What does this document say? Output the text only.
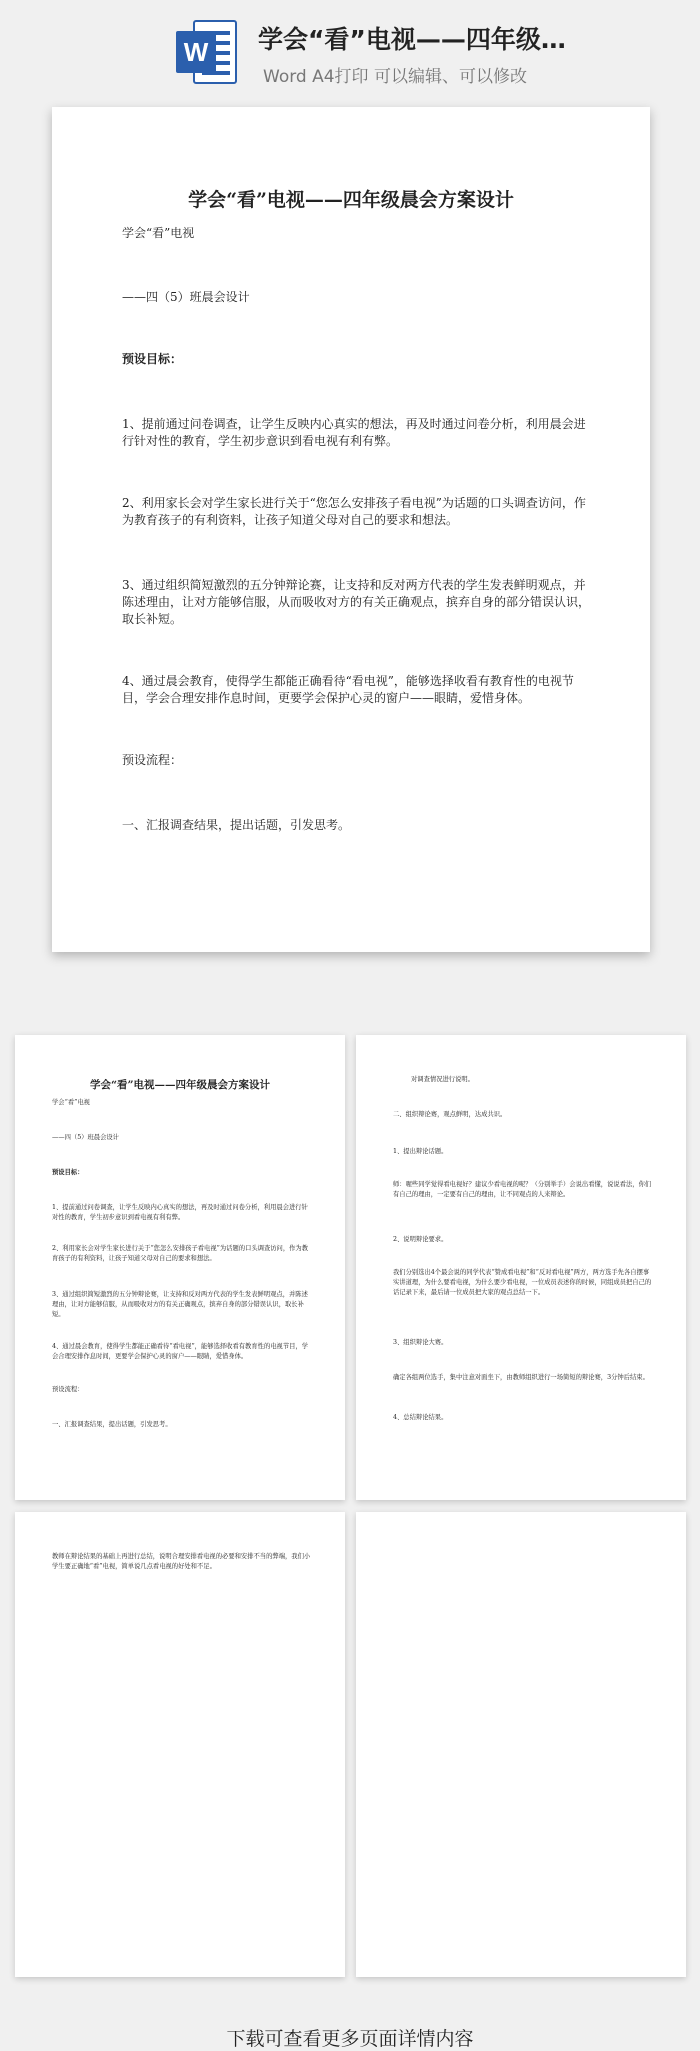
W 学会“看”电视——四年级…
Word A4打印 可以编辑、可以修改
学会“看”电视——四年级晨会方案设计

学会“看”电视

——四（5）班晨会设计

预设目标：

1、提前通过问卷调查，让学生反映内心真实的想法，再及时通过问卷分析，利用晨会进行针对性的教育，学生初步意识到看电视有利有弊。

2、利用家长会对学生家长进行关于“您怎么安排孩子看电视”为话题的口头调查访问，作为教育孩子的有利资料，让孩子知道父母对自己的要求和想法。

3、通过组织简短激烈的五分钟辩论赛，让支持和反对两方代表的学生发表鲜明观点，并陈述理由，让对方能够信服，从而吸收对方的有关正确观点，摈弃自身的部分错误认识，取长补短。

4、通过晨会教育，使得学生都能正确看待“看电视”，能够选择收看有教育性的电视节目，学会合理安排作息时间，更要学会保护心灵的窗户——眼睛，爱惜身体。

预设流程：

一、汇报调查结果，提出话题，引发思考。

学会“看”电视——四年级晨会方案设计

学会“看”电视

——四（5）班晨会设计

预设目标：

1、提前通过问卷调查，让学生反映内心真实的想法，再及时通过问卷分析，利用晨会进行针对性的教育，学生初步意识到看电视有利有弊。

2、利用家长会对学生家长进行关于“您怎么安排孩子看电视”为话题的口头调查访问，作为教育孩子的有利资料，让孩子知道父母对自己的要求和想法。

3、通过组织简短激烈的五分钟辩论赛，让支持和反对两方代表的学生发表鲜明观点，并陈述理由，让对方能够信服，从而吸收对方的有关正确观点，摈弃自身的部分错误认识，取长补短。

4、通过晨会教育，使得学生都能正确看待“看电视”，能够选择收看有教育性的电视节目，学会合理安排作息时间，更要学会保护心灵的窗户——眼睛，爱惜身体。

预设流程：

一、汇报调查结果，提出话题，引发思考。

对调查情况进行说明。

二、组织辩论赛，观点鲜明，达成共识。

1、提出辩论话题。

师：喔些同学觉得看电视好？建议少看电视的呢？（分别举手）会说出看懂，说说看法，你们有自己的理由，一定要有自己的理由，让不同观点的人来辩论。

2、说明辩论要求。

我们分别选出4个最会说的同学代表“赞成看电视”和“反对看电视”两方，两方选手先各自摆事实讲道理，为什么要看电视，为什么要少看电视，一位成员表述你的时候，同组成员把自己的话记录下来，最后请一位成员把大家的观点总结一下。

3、组织辩论大赛。

确定各组两位选手，集中注意对面坐下，由教师组织进行一场简短的辩论赛，3分钟后结束。

4、总结辩论结果。

教师在辩论结果的基础上再进行总结，说明合理安排看电视的必要和安排不当的弊端，我们小学生要正确地“看”电视，简单说几点看电视的好处和不足。

下载可查看更多页面详情内容
